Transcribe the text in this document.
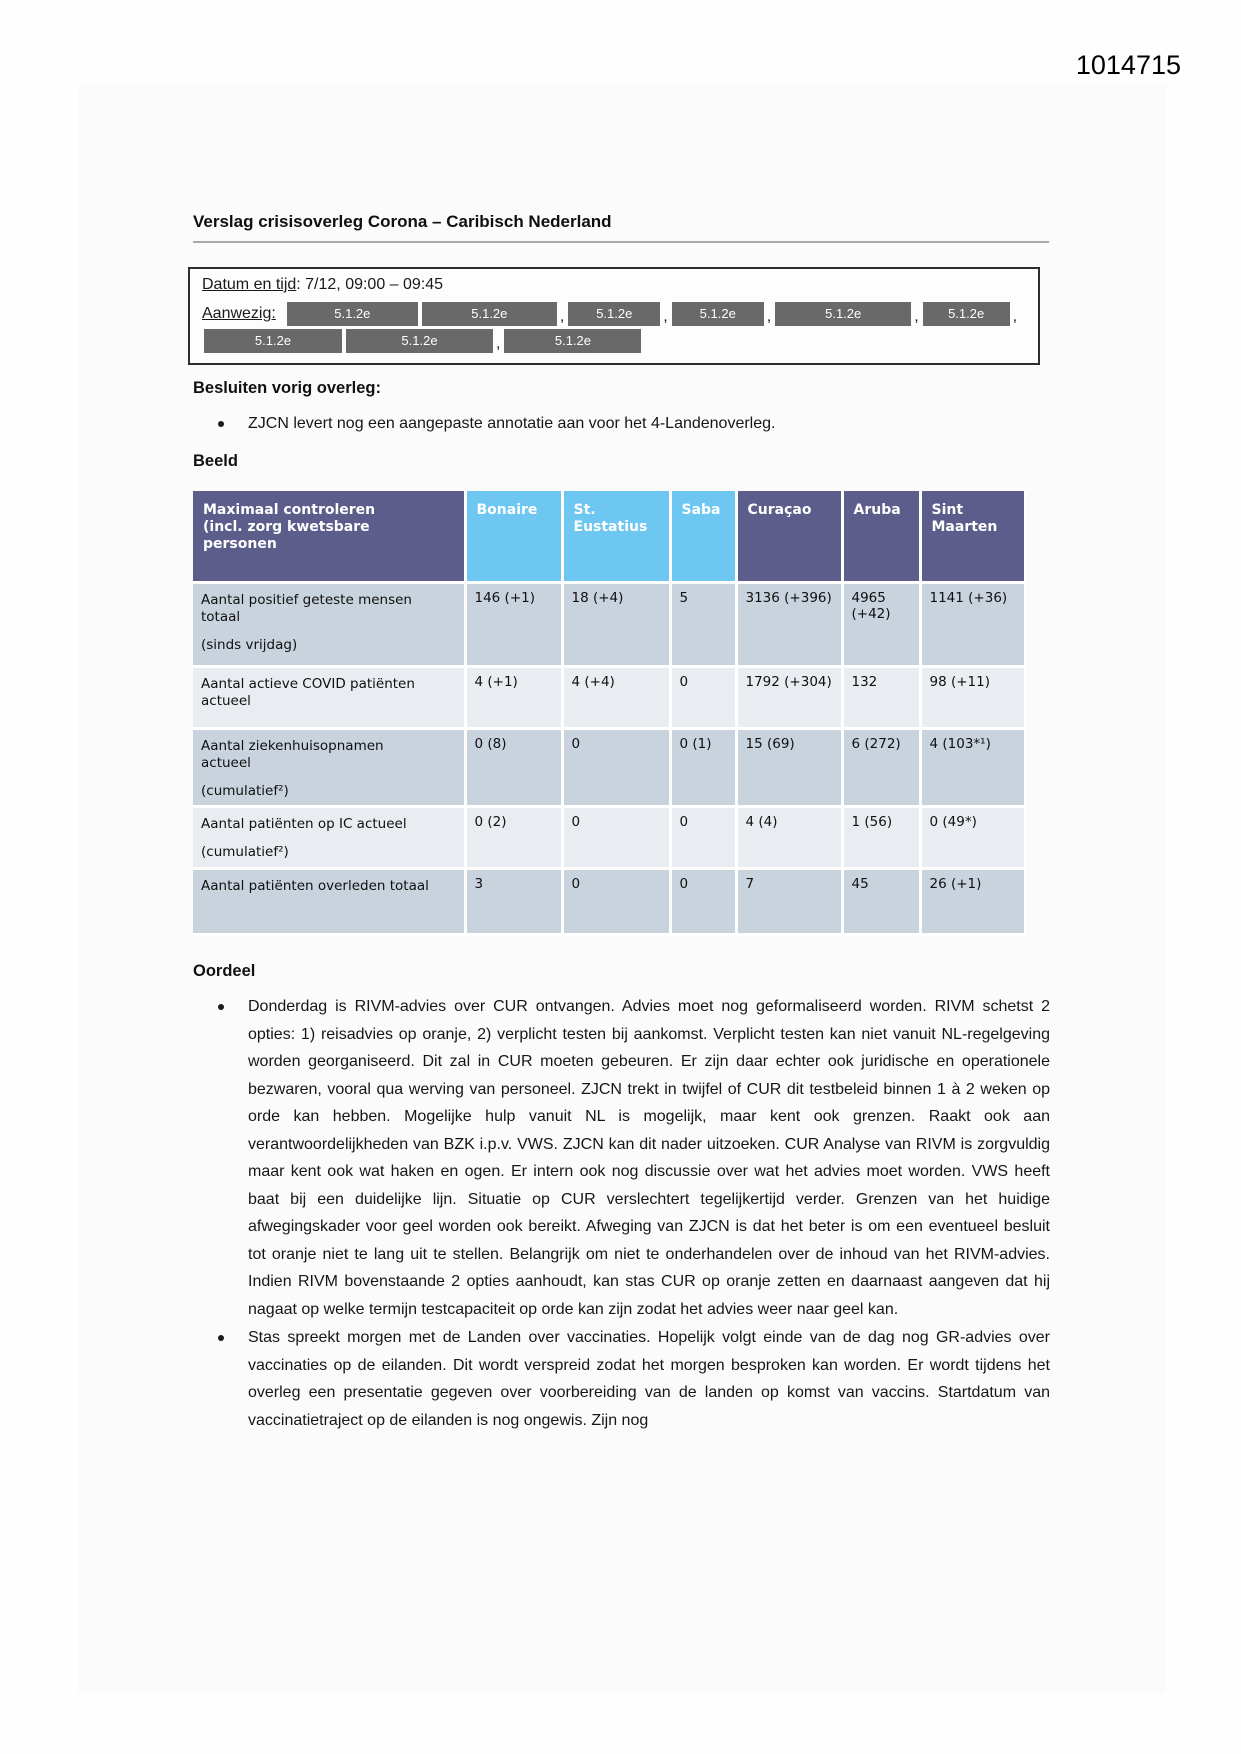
1014715
Verslag crisisoverleg Corona – Caribisch Nederland
Datum en tijd: 7/12, 09:00 – 09:45
Aanwezig:	5.1.2e	5.1.2e	, 5.1.2e , 5.1.2e ,	5.1.2e	, 5.1.2e ,
5.1.2e	5.1.2e	,	5.1.2e
Besluiten vorig overleg:
ZJCN levert nog een aangepaste annotatie aan voor het 4-Landenoverleg.
Beeld
Maximaal controleren (incl. zorg kwetsbare personen	Bonaire	St. Eustatius	Saba	Curaçao	Aruba	Sint Maarten

Aantal positief geteste mensen totaal
(sinds vrijdag)	146 (+1)	18 (+4)	5	3136 (+396)	4965 (+42)	1141 (+36)

Aantal actieve COVID patiënten actueel	4 (+1)	4 (+4)	0	1792 (+304)	132	98 (+11)

Aantal ziekenhuisopnamen actueel
(cumulatief²)	0 (8)	0	0 (1)	15 (69)	6 (272)	4 (103*¹)

Aantal patiënten op IC actueel
(cumulatief²)	0 (2)	0	0	4 (4)	1 (56)	0 (49*)

Aantal patiënten overleden totaal	3	0	0	7	45	26 (+1)
Oordeel
Donderdag is RIVM-advies over CUR ontvangen. Advies moet nog geformaliseerd worden. RIVM schetst 2 opties: 1) reisadvies op oranje, 2) verplicht testen bij aankomst. Verplicht testen kan niet vanuit NL-regelgeving worden georganiseerd. Dit zal in CUR moeten gebeuren. Er zijn daar echter ook juridische en operationele bezwaren, vooral qua werving van personeel. ZJCN trekt in twijfel of CUR dit testbeleid binnen 1 à 2 weken op orde kan hebben. Mogelijke hulp vanuit NL is mogelijk, maar kent ook grenzen. Raakt ook aan verantwoordelijkheden van BZK i.p.v. VWS. ZJCN kan dit nader uitzoeken. CUR Analyse van RIVM is zorgvuldig maar kent ook wat haken en ogen. Er intern ook nog discussie over wat het advies moet worden. VWS heeft baat bij een duidelijke lijn. Situatie op CUR verslechtert tegelijkertijd verder. Grenzen van het huidige afwegingskader voor geel worden ook bereikt. Afweging van ZJCN is dat het beter is om een eventueel besluit tot oranje niet te lang uit te stellen. Belangrijk om niet te onderhandelen over de inhoud van het RIVM-advies. Indien RIVM bovenstaande 2 opties aanhoudt, kan stas CUR op oranje zetten en daarnaast aangeven dat hij nagaat op welke termijn testcapaciteit op orde kan zijn zodat het advies weer naar geel kan.
Stas spreekt morgen met de Landen over vaccinaties. Hopelijk volgt einde van de dag nog GR-advies over vaccinaties op de eilanden. Dit wordt verspreid zodat het morgen besproken kan worden. Er wordt tijdens het overleg een presentatie gegeven over voorbereiding van de landen op komst van vaccins. Startdatum van vaccinatietraject op de eilanden is nog ongewis. Zijn nog
